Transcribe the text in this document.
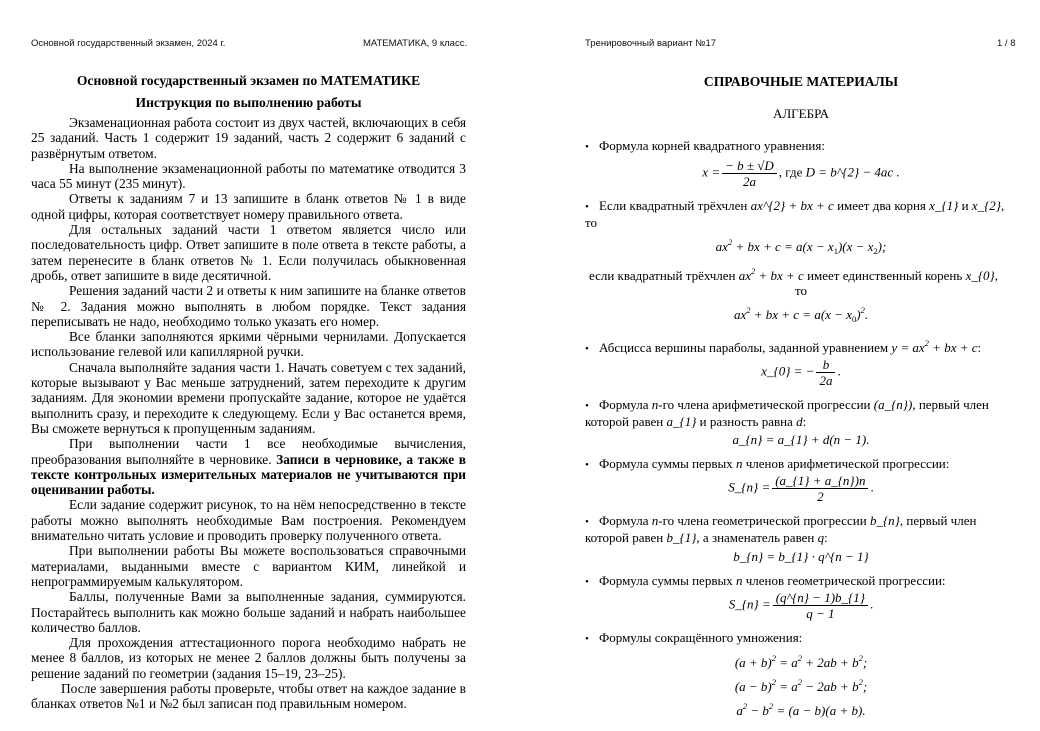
Основной государственный экзамен, 2024 г.	МАТЕМАТИКА, 9 класс.	Тренировочный вариант №17	1 / 8
Основной государственный экзамен по МАТЕМАТИКЕ
Инструкция по выполнению работы

Экзаменационная работа состоит из двух частей, включающих в себя 25 заданий. Часть 1 содержит 19 заданий, часть 2 содержит 6 заданий с развёрнутым ответом.

На выполнение экзаменационной работы по математике отводится 3 часа 55 минут (235 минут).

Ответы к заданиям 7 и 13 запишите в бланк ответов № 1 в виде одной цифры, которая соответствует номеру правильного ответа.

Для остальных заданий части 1 ответом является число или последовательность цифр. Ответ запишите в поле ответа в тексте работы, а затем перенесите в бланк ответов № 1. Если получилась обыкновенная дробь, ответ запишите в виде десятичной.

Решения заданий части 2 и ответы к ним запишите на бланке ответов № 2. Задания можно выполнять в любом порядке. Текст задания переписывать не надо, необходимо только указать его номер.

Все бланки заполняются яркими чёрными чернилами. Допускается использование гелевой или капиллярной ручки.

Сначала выполняйте задания части 1. Начать советуем с тех заданий, которые вызывают у Вас меньше затруднений, затем переходите к другим заданиям. Для экономии времени пропускайте задание, которое не удаётся выполнить сразу, и переходите к следующему. Если у Вас останется время, Вы сможете вернуться к пропущенным заданиям.

При выполнении части 1 все необходимые вычисления, преобразования выполняйте в черновике. Записи в черновике, а также в тексте контрольных измерительных материалов не учитываются при оценивании работы.

Если задание содержит рисунок, то на нём непосредственно в тексте работы можно выполнять необходимые Вам построения. Рекомендуем внимательно читать условие и проводить проверку полученного ответа.

При выполнении работы Вы можете воспользоваться справочными материалами, выданными вместе с вариантом КИМ, линейкой и непрограммируемым калькулятором.

Баллы, полученные Вами за выполненные задания, суммируются. Постарайтесь выполнить как можно больше заданий и набрать наибольшее количество баллов.

Для прохождения аттестационного порога необходимо набрать не менее 8 баллов, из которых не менее 2 баллов должны быть получены за решение заданий по геометрии (задания 15–19, 23–25).

После завершения работы проверьте, чтобы ответ на каждое задание в бланках ответов №1 и №2 был записан под правильным номером.

СПРАВОЧНЫЕ МАТЕРИАЛЫ
АЛГЕБРА
• Формула корней квадратного уравнения:
$x = \frac{- b \pm √D}{2a}$ , где D = b^{2} − 4ac .
• Если квадратный трёхчлен ax^{2} + bx + c имеет два корня x_{1} и x_{2}, то
$ax^2$ + bx + $c = a(x - x_1)(x - x_2)$;
если квадратный трёхчлен $ax^2$ + bx + c имеет единственный корень x_{0},
то
$ax^2$ + bx + $c = a(x - x_0)^2$.
• Абсцисса вершины параболы, заданной уравнением $y = ax^2$ + bx + c:
x_{0} = − $\frac{b}{2a}$ .
• Формула n-го члена арифметической прогрессии (a_{n}), первый член которой равен a_{1} и разность равна d:
a_{n} = a_{1} + d(n − 1).
• Формула суммы первых n членов арифметической прогрессии:
S_{n} = $\frac{(a\_\{1\} + a\_\{n\})n}{2}$ .
• Формула n-го члена геометрической прогрессии b_{n}, первый член которой равен b_{1}, а знаменатель равен q:
b_{n} = b_{1} · q^{n − 1}
• Формула суммы первых n членов геометрической прогрессии:
S_{n} = $\frac{(q\^{}\{n\} - 1)b\_\{1\}}{q - 1}$ .
• Формулы сокращённого умножения:
$(a + b)^2 = a^2 + 2ab + b^2$;
$(a - b)^2 = a^2 - 2ab + b^2$;
$a^2 - b^2 = (a - b)(a + b)$.
